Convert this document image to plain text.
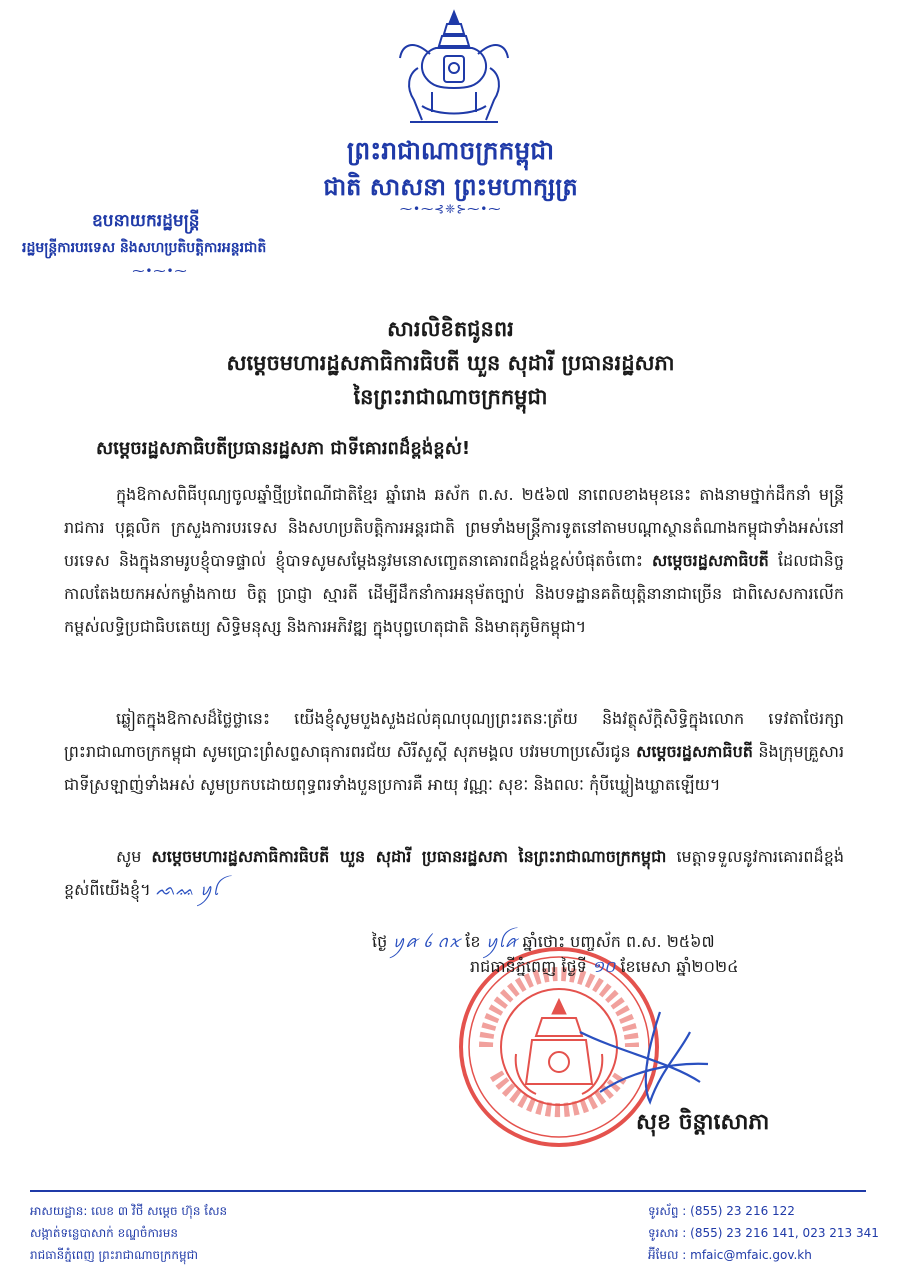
ព្រះរាជាណាចក្រកម្ពុជា
ជាតិ សាសនា ព្រះមហាក្សត្រ
⁓•⁓⊰❈⊱⁓•⁓
ឧបនាយករដ្ឋមន្ត្រី
រដ្ឋមន្ត្រីការបរទេស និងសហប្រតិបត្តិការអន្តរជាតិ
⁓•⁓•⁓
សារលិខិតជូនពរ
សម្តេចមហារដ្ឋសភាធិការធិបតី ឃួន សុដារី ប្រធានរដ្ឋសភា
នៃព្រះរាជាណាចក្រកម្ពុជា
សម្តេចរដ្ឋសភាធិបតីប្រធានរដ្ឋសភា ជាទីគោរពដ៏ខ្ពង់ខ្ពស់!

ក្នុងឱកាសពិធីបុណ្យចូលឆ្នាំថ្មីប្រពៃណីជាតិខ្មែរ ឆ្នាំរោង ឆស័ក ព.ស. ២៥៦៧ នាពេលខាងមុខនេះ តាងនាមថ្នាក់ដឹកនាំ មន្ត្រីរាជការ បុគ្គលិក ក្រសួងការបរទេស និងសហប្រតិបត្តិការអន្តរជាតិ ព្រមទាំងមន្ត្រីការទូតនៅតាមបណ្តាស្ថានតំណាងកម្ពុជាទាំងអស់នៅបរទេស និងក្នុងនាមរូបខ្ញុំបាទផ្ទាល់ ខ្ញុំបាទសូមសម្តែងនូវមនោសញ្ចេតនាគោរពដ៏ខ្ពង់ខ្ពស់បំផុតចំពោះ សម្តេចរដ្ឋសភាធិបតី ដែលជានិច្ចកាលតែងយកអស់កម្លាំងកាយ ចិត្ត ប្រាជ្ញា ស្មារតី ដើម្បីដឹកនាំការអនុម័តច្បាប់ និងបទដ្ឋានគតិយុត្តិនានាជាច្រើន ជាពិសេសការលើកកម្ពស់លទ្ធិប្រជាធិបតេយ្យ សិទ្ធិមនុស្ស និងការអភិវឌ្ឍ ក្នុងបុព្វហេតុជាតិ និងមាតុភូមិកម្ពុជា។

ឆ្លៀតក្នុងឱកាសដ៏ថ្លៃថ្លានេះ យើងខ្ញុំសូមបួងសួងដល់គុណបុណ្យព្រះរតនៈត្រ័យ និងវត្ថុស័ក្តិសិទ្ធិក្នុងលោក ទេវតាថែរក្សាព្រះរាជាណាចក្រកម្ពុជា សូមប្រោះព្រំសព្ទសាធុការពរជ័យ សិរីសួស្តី សុភមង្គល បវរមហាប្រសើរជូន សម្តេចរដ្ឋសភាធិបតី និងក្រុមគ្រួសារ ជាទីស្រឡាញ់ទាំងអស់ សូមប្រកបដោយពុទ្ធពរទាំងបួនប្រការគឺ អាយុ វណ្ណៈ សុខៈ និងពលៈ កុំបីឃ្លៀងឃ្លាតឡើយ។

សូម សម្តេចមហារដ្ឋសភាធិការធិបតី ឃួន សុដារី ប្រធានរដ្ឋសភា នៃព្រះរាជាណាចក្រកម្ពុជា មេត្តាទទួលនូវការគោរពដ៏ខ្ពង់ខ្ពស់ពីយើងខ្ញុំ។ ᨒᨐ ꪗꪶ

ថ្ងៃ ꪗꪁ ꪉ ꪒꪎ ខែ ꪗꪶꪁ ឆ្នាំថោះ បញ្ចស័ក ព.ស. ២៥៦៧
រាជធានីភ្នំពេញ ថ្ងៃទី ១០ ខែមេសា ឆ្នាំ២០២៤
សុខ ចិន្តាសោភា
អាសយដ្ឋាន: លេខ ៣ វិថី សម្តេច ហ៊ុន សែន
សង្កាត់ទន្លេបាសាក់ ខណ្ឌចំការមន
រាជធានីភ្នំពេញ ព្រះរាជាណាចក្រកម្ពុជា
ទូរស័ព្ទ : (855) 23 216 122
ទូរសារ : (855) 23 216 141, 023 213 341
អ៊ីមែល : mfaic@mfaic.gov.kh
